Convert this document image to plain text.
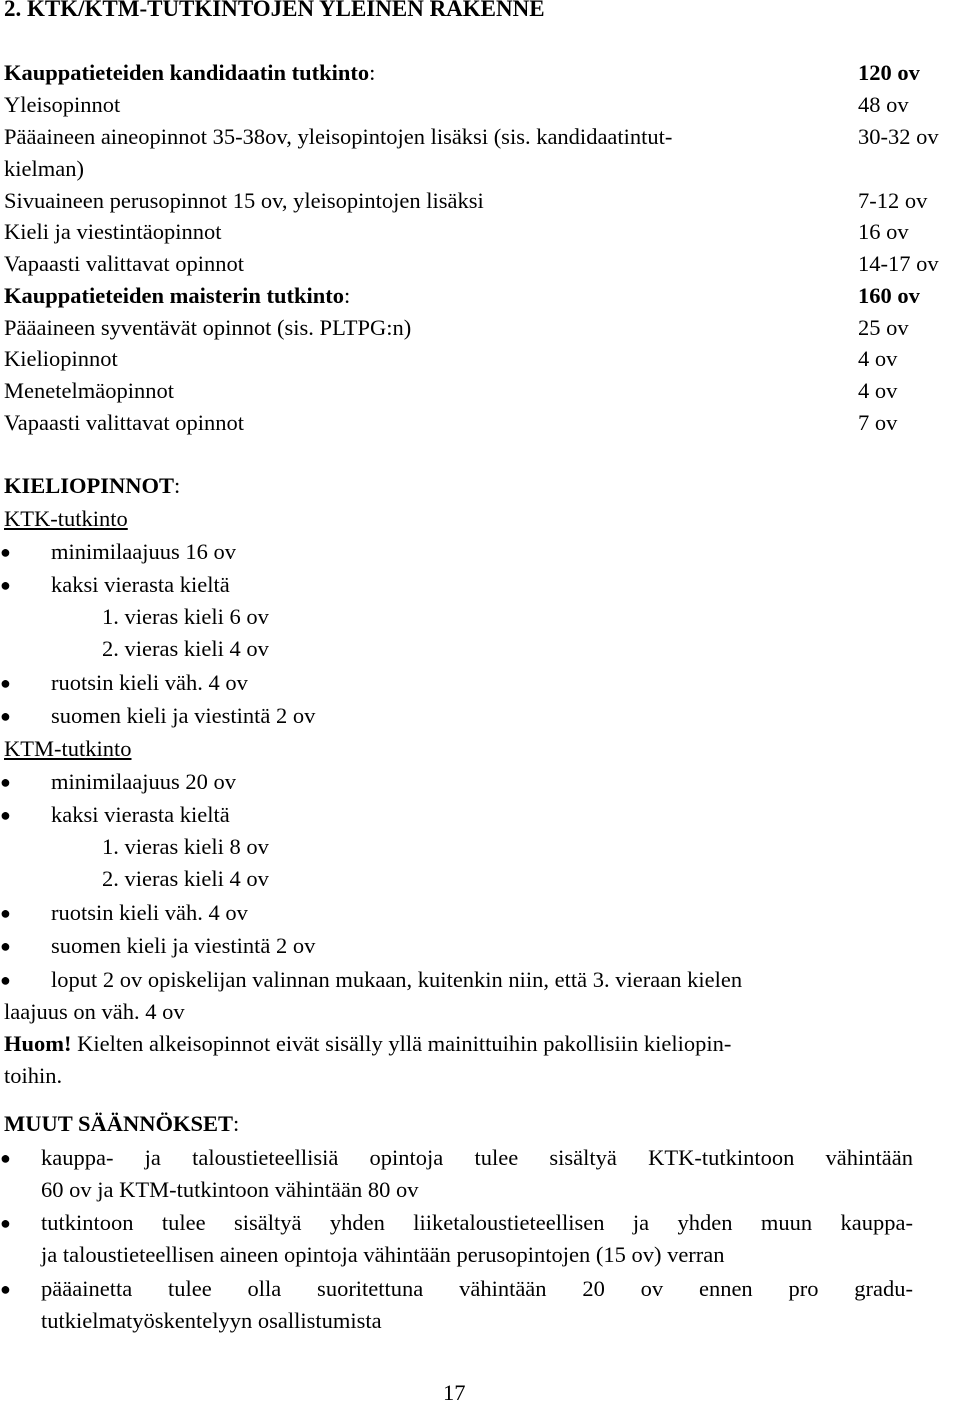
2. KTK/KTM-TUTKINTOJEN YLEINEN RAKENNE
Kauppatieteiden kandidaatin tutkinto:	120 ov
Yleisopinnot	48 ov
Pääaineen aineopinnot 35-38ov, yleisopintojen lisäksi (sis. kandidaatintut-	30-32 ov
kielman)
Sivuaineen perusopinnot 15 ov, yleisopintojen lisäksi	7-12 ov
Kieli ja viestintäopinnot	16 ov
Vapaasti valittavat opinnot	14-17 ov
Kauppatieteiden maisterin tutkinto:	160 ov
Pääaineen syventävät opinnot (sis. PLTPG:n)	25 ov
Kieliopinnot	4 ov
Menetelmäopinnot	4 ov
Vapaasti valittavat opinnot	7 ov
KIELIOPINNOT:
KTK-tutkinto
● minimilaajuus 16 ov
● kaksi vierasta kieltä
1. vieras kieli 6 ov
2. vieras kieli 4 ov
● ruotsin kieli väh. 4 ov
● suomen kieli ja viestintä 2 ov
KTM-tutkinto
● minimilaajuus 20 ov
● kaksi vierasta kieltä
1. vieras kieli 8 ov
2. vieras kieli 4 ov
● ruotsin kieli väh. 4 ov
● suomen kieli ja viestintä 2 ov
● loput 2 ov opiskelijan valinnan mukaan, kuitenkin niin, että 3. vieraan kielen
laajuus on väh. 4 ov
Huom! Kielten alkeisopinnot eivät sisälly yllä mainittuihin pakollisiin kieliopin-
toihin.
MUUT SÄÄNNÖKSET:
● kauppa- ja taloustieteellisiä opintoja tulee sisältyä KTK-tutkintoon vähintään
60 ov ja KTM-tutkintoon vähintään 80 ov
● tutkintoon tulee sisältyä yhden liiketaloustieteellisen ja yhden muun kauppa-
ja taloustieteellisen aineen opintoja vähintään perusopintojen (15 ov) verran
● pääainetta tulee olla suoritettuna vähintään 20 ov ennen pro gradu-
tutkielmatyöskentelyyn osallistumista
17
